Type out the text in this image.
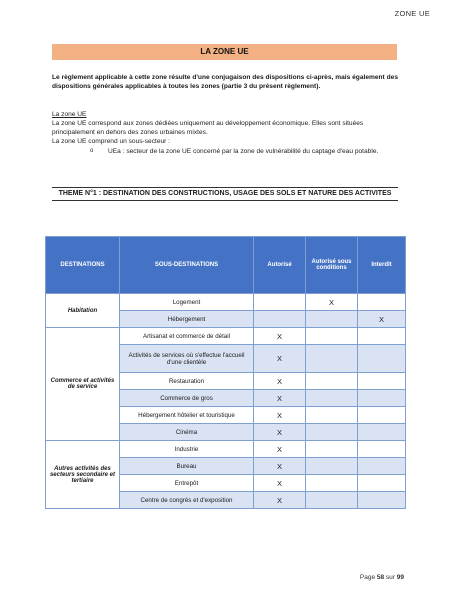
ZONE UE
LA ZONE UE

Le règlement applicable à cette zone résulte d'une conjugaison des dispositions ci-après, mais également des dispositions générales applicables à toutes les zones (partie 3 du présent règlement).

La zone UE
La zone UE correspond aux zones dédiées uniquement au développement économique. Elles sont situées principalement en dehors des zones urbaines mixtes.
La zone UE comprend un sous-secteur :
o UEa : secteur de la zone UE concerné par la zone de vulnérabilité du captage d'eau potable.
THEME N°1 : DESTINATION DES CONSTRUCTIONS, USAGE DES SOLS ET NATURE DES ACTIVITES
DESTINATIONS	SOUS-DESTINATIONS	Autorisé	Autorisé sous conditions	Interdit
Habitation	Logement		X	
	Hébergement			X
Commerce et activités de service	Artisanat et commerce de détail	X		
	Activités de services où s'effectue l'accueil d'une clientèle	X		
	Restauration	X		
	Commerce de gros	X		
	Hébergement hôtelier et touristique	X		
	Cinéma	X		
Autres activités des secteurs secondaire et tertiaire	Industrie	X		
	Bureau	X		
	Entrepôt	X		
	Centre de congrès et d'exposition	X		
Page 58 sur 99
